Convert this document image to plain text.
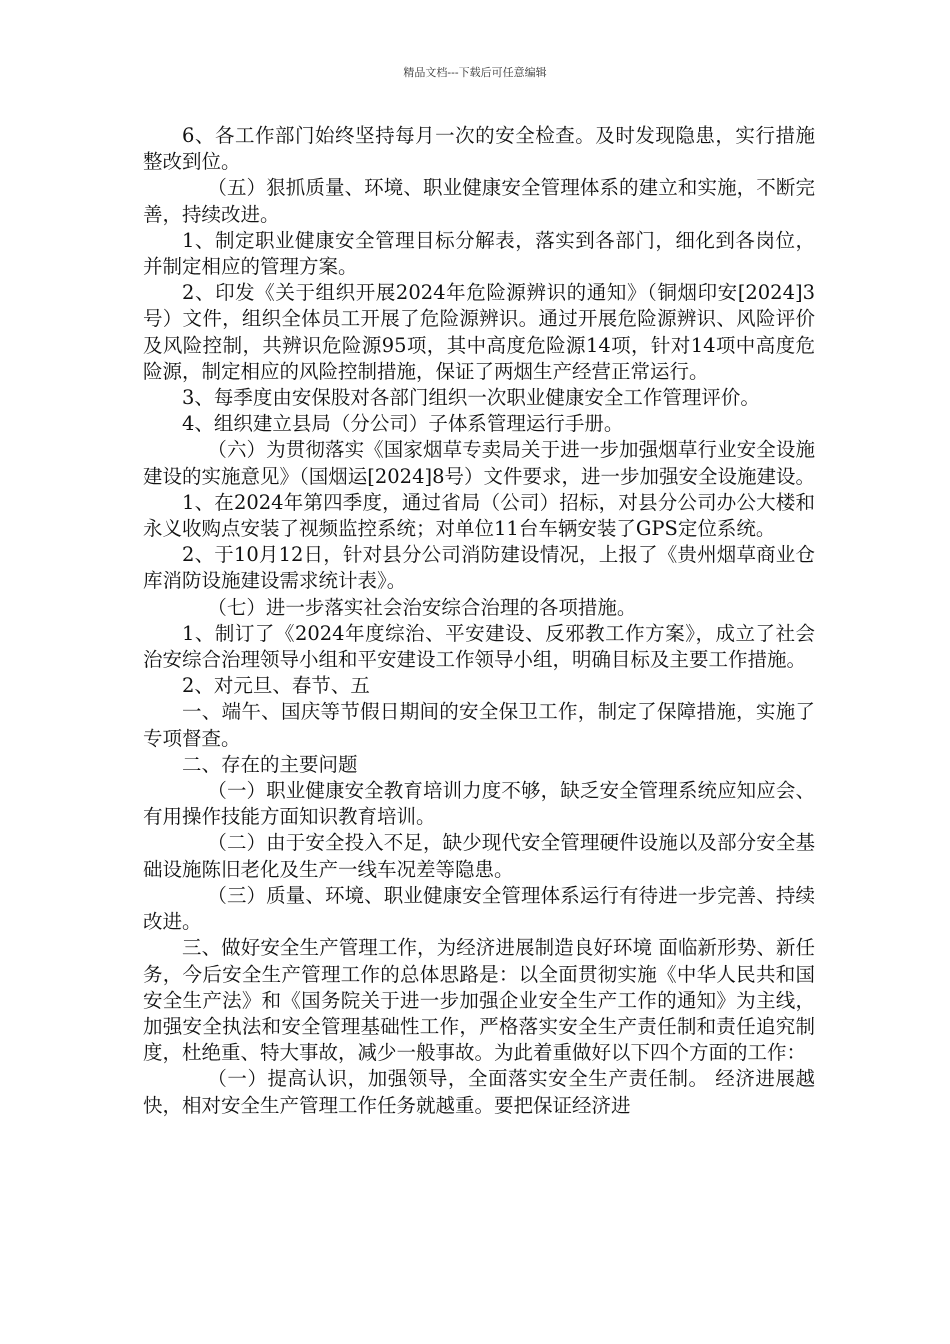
精品文档---下载后可任意编辑

6、各工作部门始终坚持每月一次的安全检查。及时发现隐患，实行措施整改到位。

（五）狠抓质量、环境、职业健康安全管理体系的建立和实施，不断完善，持续改进。

1、制定职业健康安全管理目标分解表，落实到各部门，细化到各岗位，并制定相应的管理方案。

2、印发《关于组织开展2024年危险源辨识的通知》（铜烟印安[2024]3号）文件，组织全体员工开展了危险源辨识。通过开展危险源辨识、风险评价及风险控制，共辨识危险源95项，其中高度危险源14项，针对14项中高度危险源，制定相应的风险控制措施，保证了两烟生产经营正常运行。

3、每季度由安保股对各部门组织一次职业健康安全工作管理评价。

4、组织建立县局（分公司）子体系管理运行手册。

（六）为贯彻落实《国家烟草专卖局关于进一步加强烟草行业安全设施建设的实施意见》（国烟运[2024]8号）文件要求，进一步加强安全设施建设。

1、在2024年第四季度，通过省局（公司）招标，对县分公司办公大楼和永义收购点安装了视频监控系统；对单位11台车辆安装了GPS定位系统。

2、于10月12日，针对县分公司消防建设情况，上报了《贵州烟草商业仓库消防设施建设需求统计表》。

（七）进一步落实社会治安综合治理的各项措施。

1、制订了《2024年度综治、平安建设、反邪教工作方案》，成立了社会治安综合治理领导小组和平安建设工作领导小组，明确目标及主要工作措施。

2、对元旦、春节、五

一、端午、国庆等节假日期间的安全保卫工作，制定了保障措施，实施了专项督查。

二、存在的主要问题

（一）职业健康安全教育培训力度不够，缺乏安全管理系统应知应会、有用操作技能方面知识教育培训。

（二）由于安全投入不足，缺少现代安全管理硬件设施以及部分安全基础设施陈旧老化及生产一线车况差等隐患。

（三）质量、环境、职业健康安全管理体系运行有待进一步完善、持续改进。

三、做好安全生产管理工作，为经济进展制造良好环境 面临新形势、新任务，今后安全生产管理工作的总体思路是：以全面贯彻实施《中华人民共和国安全生产法》和《国务院关于进一步加强企业安全生产工作的通知》为主线，加强安全执法和安全管理基础性工作，严格落实安全生产责任制和责任追究制度，杜绝重、特大事故，减少一般事故。为此着重做好以下四个方面的工作：

（一）提高认识，加强领导，全面落实安全生产责任制。 经济进展越快，相对安全生产管理工作任务就越重。要把保证经济进
